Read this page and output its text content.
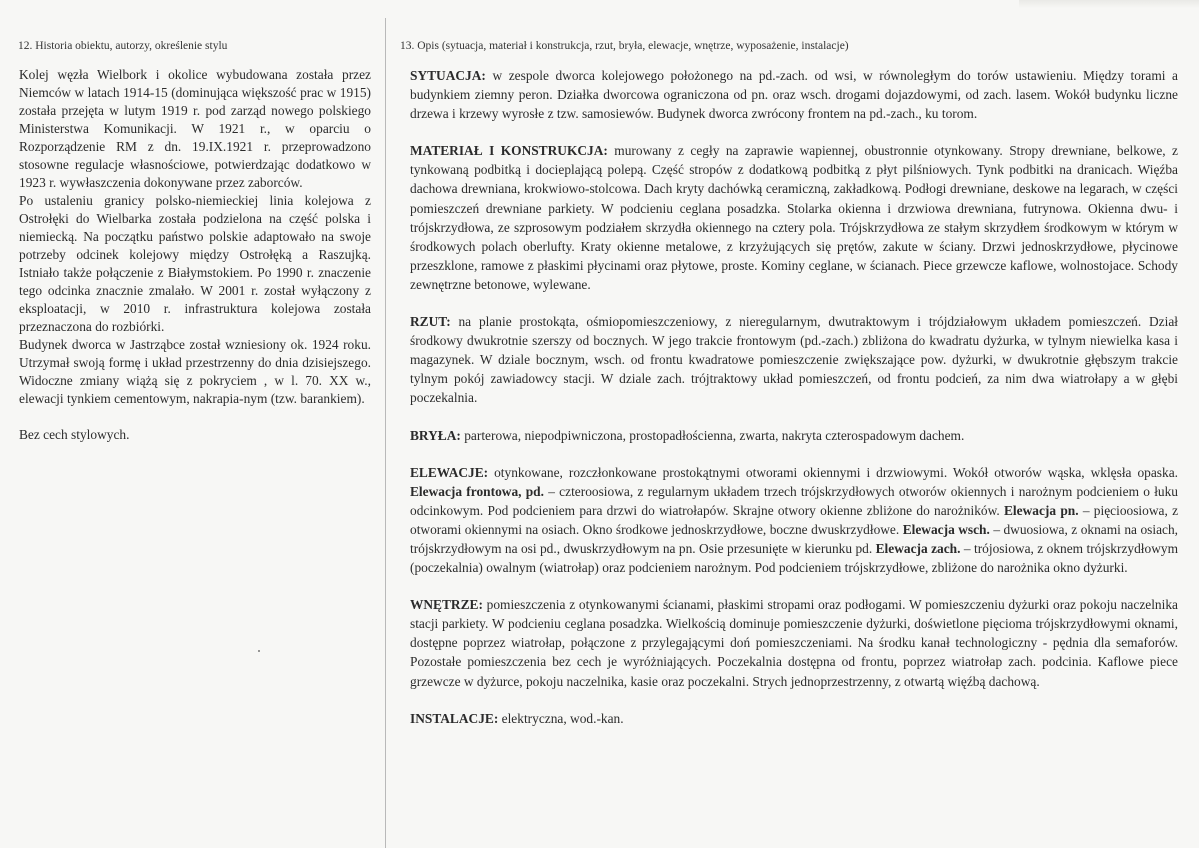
12. Historia obiektu, autorzy, określenie stylu

Kolej węzła Wielbork i okolice wybudowana została przez Niemców w latach 1914-15 (dominująca większość prac w 1915) została przejęta w lutym 1919 r. pod zarząd nowego polskiego Ministerstwa Komunikacji. W 1921 r., w oparciu o Rozporządzenie RM z dn. 19.IX.1921 r. przeprowadzono stosowne regulacje własnościowe, potwierdzając dodatkowo w 1923 r. wywłaszczenia dokonywane przez zaborców.

Po ustaleniu granicy polsko-niemieckiej linia kolejowa z Ostrołęki do Wielbarka została podzielona na część polska i niemiecką. Na początku państwo polskie adaptowało na swoje potrzeby odcinek kolejowy między Ostrołęką a Raszujką. Istniało także połączenie z Białymstokiem. Po 1990 r. znaczenie tego odcinka znacznie zmalało. W 2001 r. został wyłączony z eksploatacji, w 2010 r. infrastruktura kolejowa została przeznaczona do rozbiórki.

Budynek dworca w Jastrząbce został wzniesiony ok. 1924 roku. Utrzymał swoją formę i układ przestrzenny do dnia dzisiejszego. Widoczne zmiany wiążą się z pokryciem , w l. 70. XX w., elewacji tynkiem cementowym, nakrapia-nym (tzw. barankiem).

Bez cech stylowych.

13. Opis (sytuacja, materiał i konstrukcja, rzut, bryła, elewacje, wnętrze, wyposażenie, instalacje)

SYTUACJA: w zespole dworca kolejowego położonego na pd.-zach. od wsi, w równoległym do torów ustawieniu. Między torami a budynkiem ziemny peron. Działka dworcowa ograniczona od pn. oraz wsch. drogami dojazdowymi, od zach. lasem. Wokół budynku liczne drzewa i krzewy wyrosłe z tzw. samosiewów. Budynek dworca zwrócony frontem na pd.-zach., ku torom.

MATERIAŁ I KONSTRUKCJA: murowany z cegły na zaprawie wapiennej, obustronnie otynkowany. Stropy drewniane, belkowe, z tynkowaną podbitką i docieplającą polepą. Część stropów z dodatkową podbitką z płyt pilśniowych. Tynk podbitki na dranicach. Więźba dachowa drewniana, krokwiowo-stolcowa. Dach kryty dachówką ceramiczną, zakładkową. Podłogi drewniane, deskowe na legarach, w części pomieszczeń drewniane parkiety. W podcieniu ceglana posadzka. Stolarka okienna i drzwiowa drewniana, futrynowa. Okienna dwu- i trójskrzydłowa, ze szprosowym podziałem skrzydła okiennego na cztery pola. Trójskrzydłowa ze stałym skrzydłem środkowym w którym w środkowych polach oberlufty. Kraty okienne metalowe, z krzyżujących się prętów, zakute w ściany. Drzwi jednoskrzydłowe, płycinowe przeszklone, ramowe z płaskimi płycinami oraz płytowe, proste. Kominy ceglane, w ścianach. Piece grzewcze kaflowe, wolnostojace. Schody zewnętrzne betonowe, wylewane.

RZUT: na planie prostokąta, ośmiopomieszczeniowy, z nieregularnym, dwutraktowym i trójdziałowym układem pomieszczeń. Dział środkowy dwukrotnie szerszy od bocznych. W jego trakcie frontowym (pd.-zach.) zbliżona do kwadratu dyżurka, w tylnym niewielka kasa i magazynek. W dziale bocznym, wsch. od frontu kwadratowe pomieszczenie zwiększające pow. dyżurki, w dwukrotnie głębszym trakcie tylnym pokój zawiadowcy stacji. W dziale zach. trójtraktowy układ pomieszczeń, od frontu podcień, za nim dwa wiatrołapy a w głębi poczekalnia.

BRYŁA: parterowa, niepodpiwniczona, prostopadłościenna, zwarta, nakryta czterospadowym dachem.

ELEWACJE: otynkowane, rozczłonkowane prostokątnymi otworami okiennymi i drzwiowymi. Wokół otworów wąska, wklęsła opaska. Elewacja frontowa, pd. – czteroosiowa, z regularnym układem trzech trójskrzydłowych otworów okiennych i narożnym podcieniem o łuku odcinkowym. Pod podcieniem para drzwi do wiatrołapów. Skrajne otwory okienne zbliżone do narożników. Elewacja pn. – pięcioosiowa, z otworami okiennymi na osiach. Okno środkowe jednoskrzydłowe, boczne dwuskrzydłowe. Elewacja wsch. – dwuosiowa, z oknami na osiach, trójskrzydłowym na osi pd., dwuskrzydłowym na pn. Osie przesunięte w kierunku pd. Elewacja zach. – trójosiowa, z oknem trójskrzydłowym (poczekalnia) owalnym (wiatrołap) oraz podcieniem narożnym. Pod podcieniem trójskrzydłowe, zbliżone do narożnika okno dyżurki.

WNĘTRZE: pomieszczenia z otynkowanymi ścianami, płaskimi stropami oraz podłogami. W pomieszczeniu dyżurki oraz pokoju naczelnika stacji parkiety. W podcieniu ceglana posadzka. Wielkością dominuje pomieszczenie dyżurki, doświetlone pięcioma trójskrzydłowymi oknami, dostępne poprzez wiatrołap, połączone z przylegającymi doń pomieszczeniami. Na środku kanał technologiczny - pędnia dla semaforów. Pozostałe pomieszczenia bez cech je wyróżniających. Poczekalnia dostępna od frontu, poprzez wiatrołap zach. podcinia. Kaflowe piece grzewcze w dyżurce, pokoju naczelnika, kasie oraz poczekalni. Strych jednoprzestrzenny, z otwartą więźbą dachową.

INSTALACJE: elektryczna, wod.-kan.
